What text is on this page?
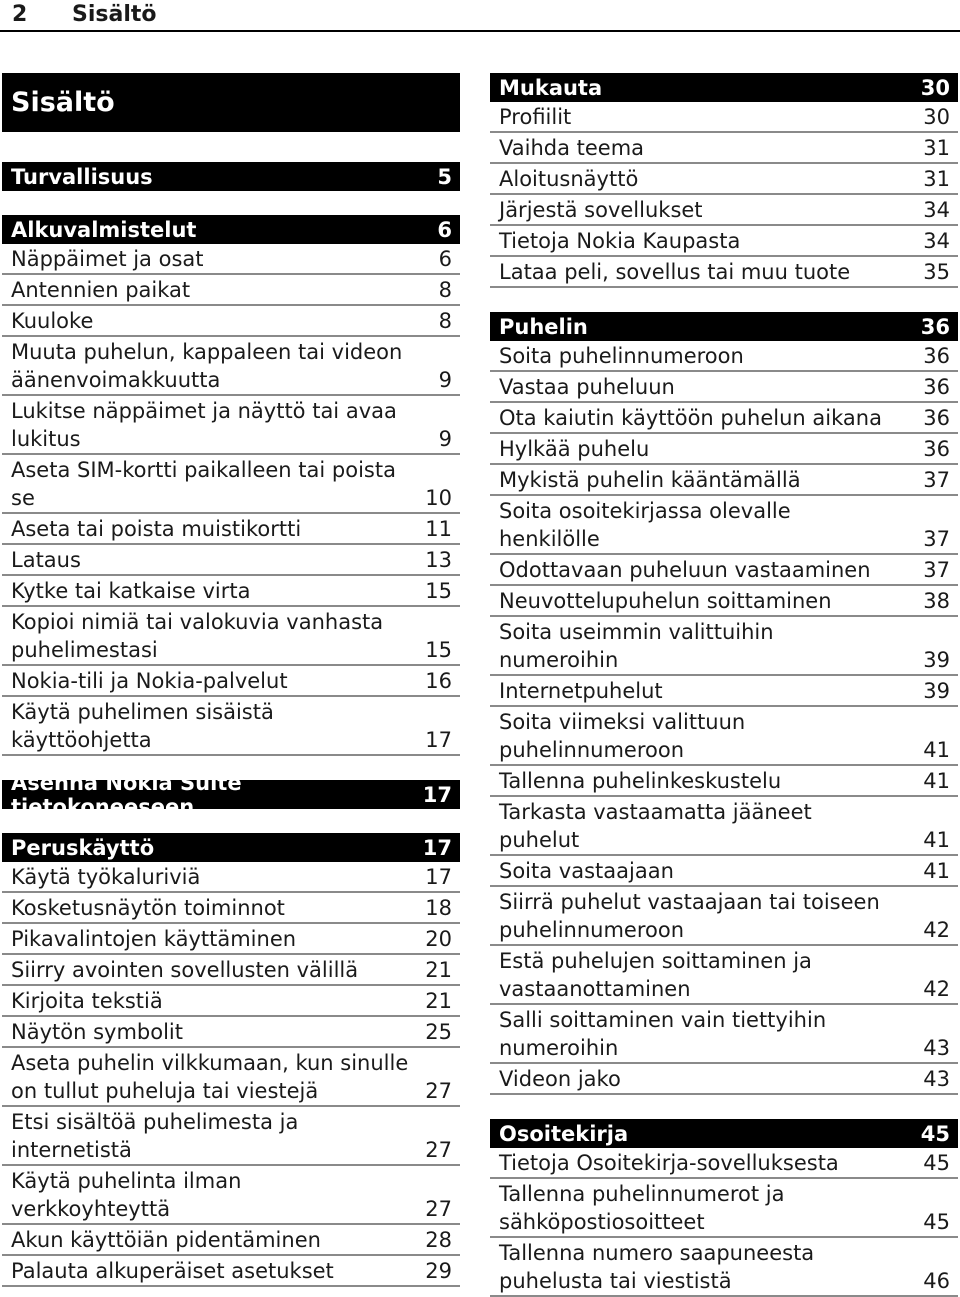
2 Sisältö
Sisältö
Turvallisuus	5
Alkuvalmistelut	6
Näppäimet ja osat	6
Antennien paikat	8
Kuuloke	8
Muuta puhelun, kappaleen tai videon
äänenvoimakkuutta	9
Lukitse näppäimet ja näyttö tai avaa
lukitus	9
Aseta SIM-kortti paikalleen tai poista
se	10
Aseta tai poista muistikortti	11
Lataus	13
Kytke tai katkaise virta	15
Kopioi nimiä tai valokuvia vanhasta
puhelimestasi	15
Nokia-tili ja Nokia-palvelut	16
Käytä puhelimen sisäistä
käyttöohjetta	17
Asenna Nokia Suite tietokoneeseen	17
Peruskäyttö	17
Käytä työkaluriviä	17
Kosketusnäytön toiminnot	18
Pikavalintojen käyttäminen	20
Siirry avointen sovellusten välillä	21
Kirjoita tekstiä	21
Näytön symbolit	25
Aseta puhelin vilkkumaan, kun sinulle
on tullut puheluja tai viestejä	27
Etsi sisältöä puhelimesta ja
internetistä	27
Käytä puhelinta ilman
verkkoyhteyttä	27
Akun käyttöiän pidentäminen	28
Palauta alkuperäiset asetukset	29
Mukauta	30
Profiilit	30
Vaihda teema	31
Aloitusnäyttö	31
Järjestä sovellukset	34
Tietoja Nokia Kaupasta	34
Lataa peli, sovellus tai muu tuote	35
Puhelin	36
Soita puhelinnumeroon	36
Vastaa puheluun	36
Ota kaiutin käyttöön puhelun aikana 36
Hylkää puhelu	36
Mykistä puhelin kääntämällä	37
Soita osoitekirjassa olevalle
henkilölle	37
Odottavaan puheluun vastaaminen	37
Neuvottelupuhelun soittaminen	38
Soita useimmin valittuihin
numeroihin	39
Internetpuhelut	39
Soita viimeksi valittuun
puhelinnumeroon	41
Tallenna puhelinkeskustelu	41
Tarkasta vastaamatta jääneet
puhelut	41
Soita vastaajaan	41
Siirrä puhelut vastaajaan tai toiseen
puhelinnumeroon	42
Estä puhelujen soittaminen ja
vastaanottaminen	42
Salli soittaminen vain tiettyihin
numeroihin	43
Videon jako	43
Osoitekirja	45
Tietoja Osoitekirja-sovelluksesta	45
Tallenna puhelinnumerot ja
sähköpostiosoitteet	45
Tallenna numero saapuneesta
puhelusta tai viestistä	46
